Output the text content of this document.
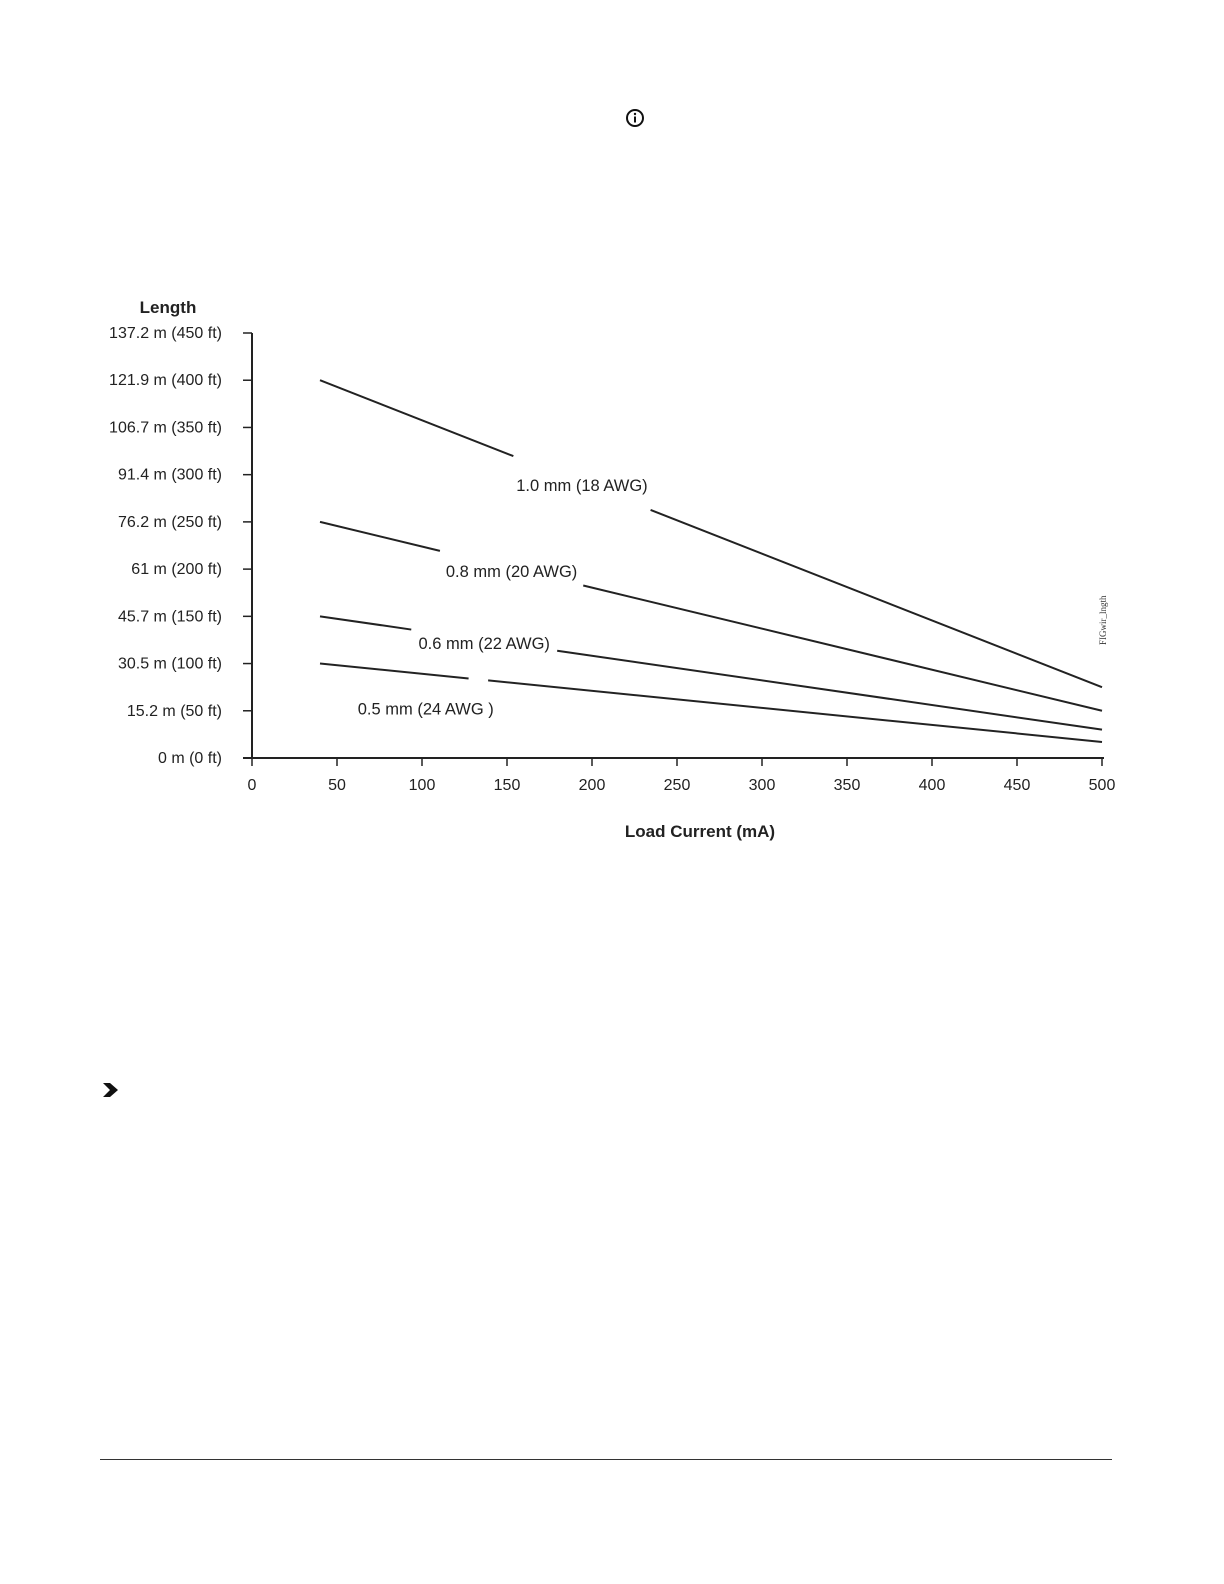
Length
Load Current (mA)
0 m (0 ft)
15.2 m (50 ft)
30.5 m (100 ft)
45.7 m (150 ft)
61 m (200 ft)
76.2 m (250 ft)
91.4 m (300 ft)
106.7 m (350 ft)
121.9 m (400 ft)
137.2 m (450 ft)
0	50	100	150	200	250	300	350	400	450	500
1.0 mm (18 AWG)
0.8 mm (20 AWG)
0.6 mm (22 AWG)
0.5 mm (24 AWG )
FIGwir_lngth
